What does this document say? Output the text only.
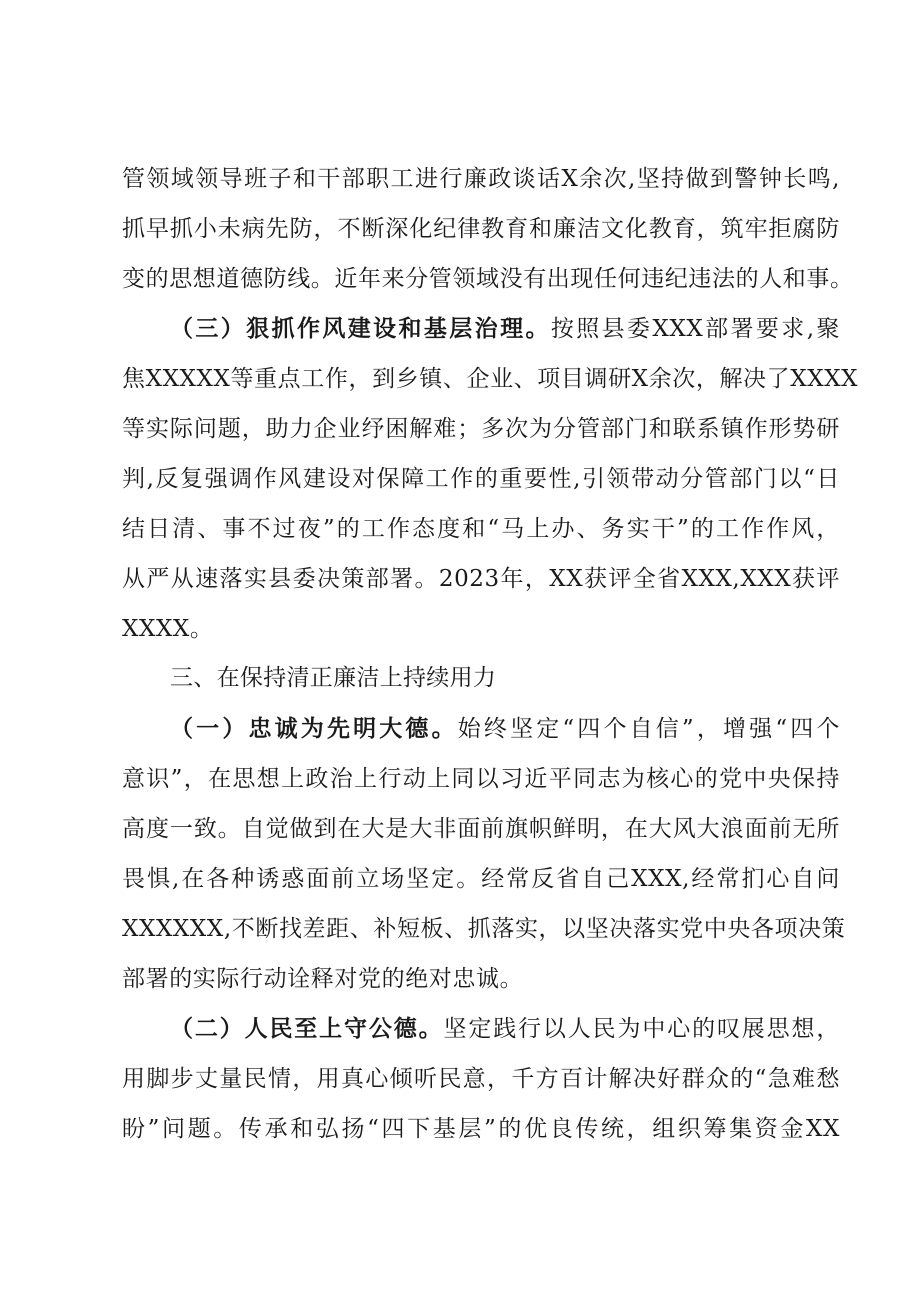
管领域领导班子和干部职工进行廉政谈话X余次,坚持做到警钟长鸣,
抓早抓小未病先防，不断深化纪律教育和廉洁文化教育，筑牢拒腐防
变的思想道德防线。近年来分管领域没有出现任何违纪违法的人和事。
（三）狠抓作风建设和基层治理。按照县委XXX部署要求,聚
焦XXXXX等重点工作，到乡镇、企业、项目调研X余次，解决了XXXX
等实际问题，助力企业纾困解难；多次为分管部门和联系镇作形势研
判,反复强调作风建设对保障工作的重要性,引领带动分管部门以“日
结日清、事不过夜”的工作态度和“马上办、务实干”的工作作风，
从严从速落实县委决策部署。2023年，XX获评全省XXX,XXX获评
XXXX。
三、在保持清正廉洁上持续用力
（一）忠诚为先明大德。始终坚定“四个自信”，增强“四个
意识”，在思想上政治上行动上同以习近平同志为核心的党中央保持
高度一致。自觉做到在大是大非面前旗帜鲜明，在大风大浪面前无所
畏惧,在各种诱惑面前立场坚定。经常反省自己XXX,经常扪心自问
XXXXXX,不断找差距、补短板、抓落实，以坚决落实党中央各项决策
部署的实际行动诠释对党的绝对忠诚。
（二）人民至上守公德。坚定践行以人民为中心的叹展思想，
用脚步丈量民情，用真心倾听民意，千方百计解决好群众的“急难愁
盼”问题。传承和弘扬“四下基层”的优良传统，组织筹集资金XX
